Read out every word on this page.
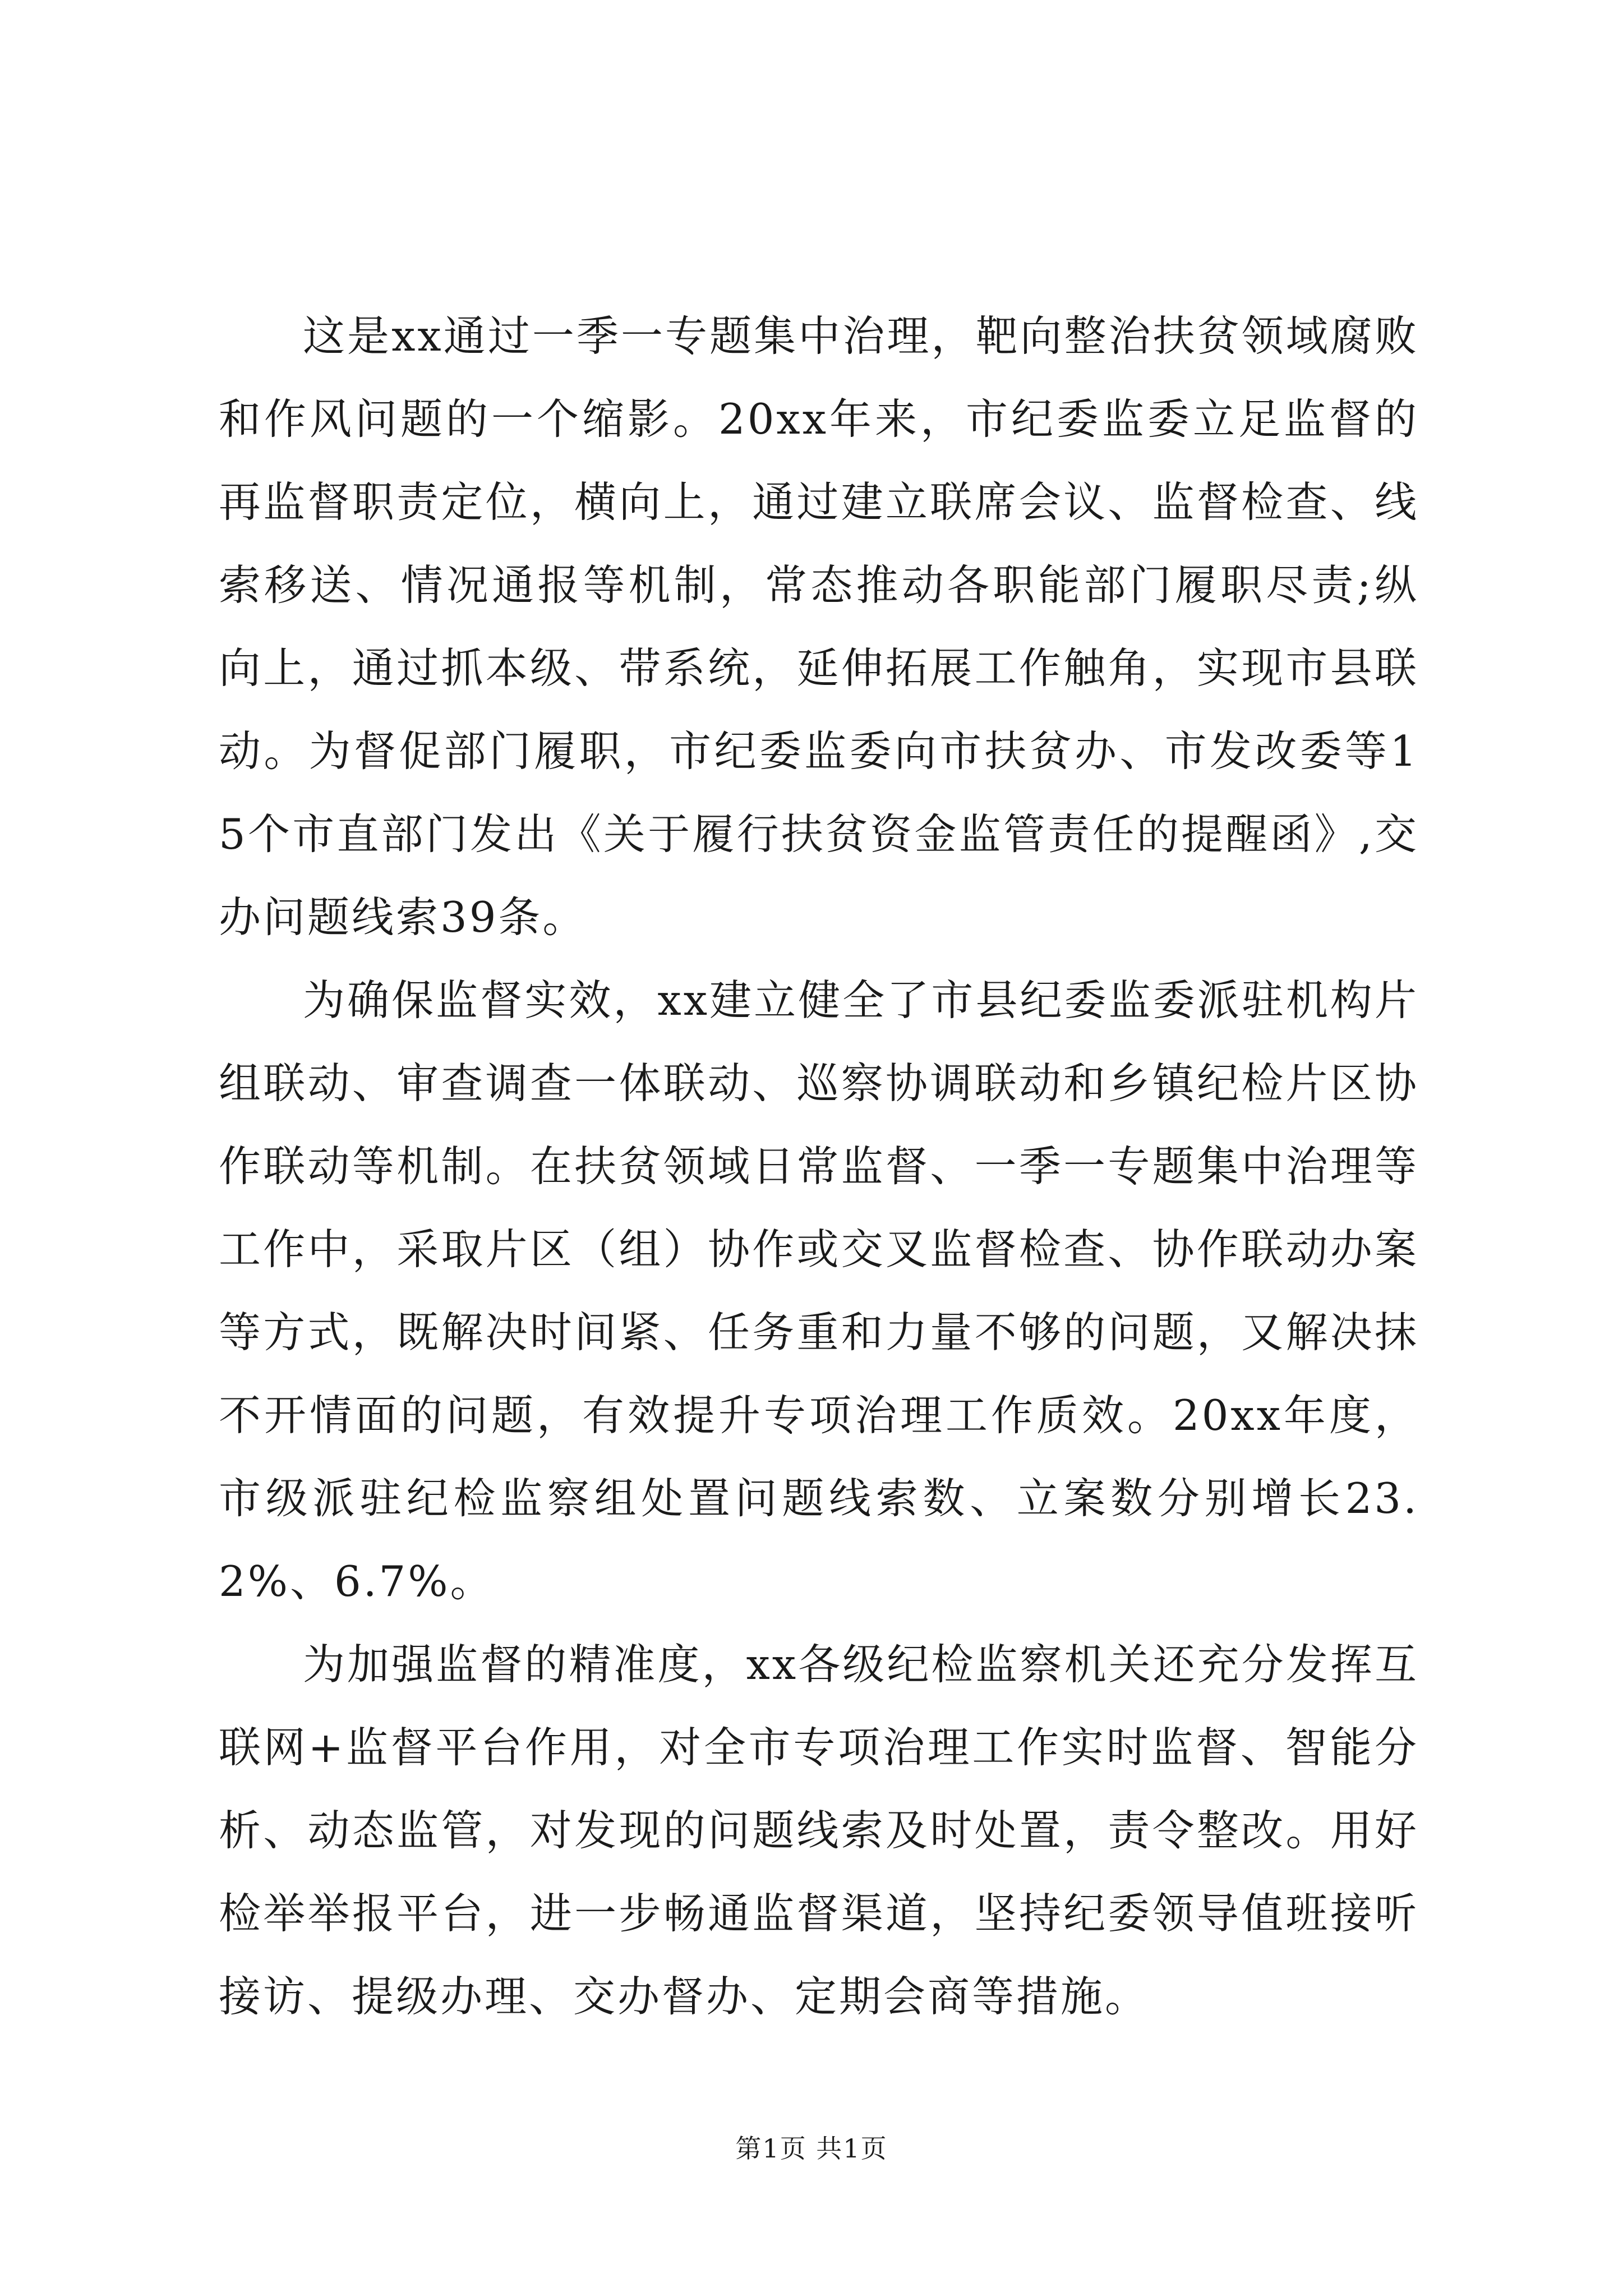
这是xx通过一季一专题集中治理，靶向整治扶贫领域腐败和作风问题的一个缩影。20xx年来，市纪委监委立足监督的再监督职责定位，横向上，通过建立联席会议、监督检查、线索移送、情况通报等机制，常态推动各职能部门履职尽责;纵向上，通过抓本级、带系统，延伸拓展工作触角，实现市县联动。为督促部门履职，市纪委监委向市扶贫办、市发改委等15个市直部门发出《关于履行扶贫资金监管责任的提醒函》,交办问题线索39条。

为确保监督实效，xx建立健全了市县纪委监委派驻机构片组联动、审查调查一体联动、巡察协调联动和乡镇纪检片区协作联动等机制。在扶贫领域日常监督、一季一专题集中治理等工作中，采取片区（组）协作或交叉监督检查、协作联动办案等方式，既解决时间紧、任务重和力量不够的问题，又解决抹不开情面的问题，有效提升专项治理工作质效。20xx年度，市级派驻纪检监察组处置问题线索数、立案数分别增长23.2%、6.7%。

为加强监督的精准度，xx各级纪检监察机关还充分发挥互联网+监督平台作用，对全市专项治理工作实时监督、智能分析、动态监管，对发现的问题线索及时处置，责令整改。用好检举举报平台，进一步畅通监督渠道，坚持纪委领导值班接听接访、提级办理、交办督办、定期会商等措施。

第1页 共1页
